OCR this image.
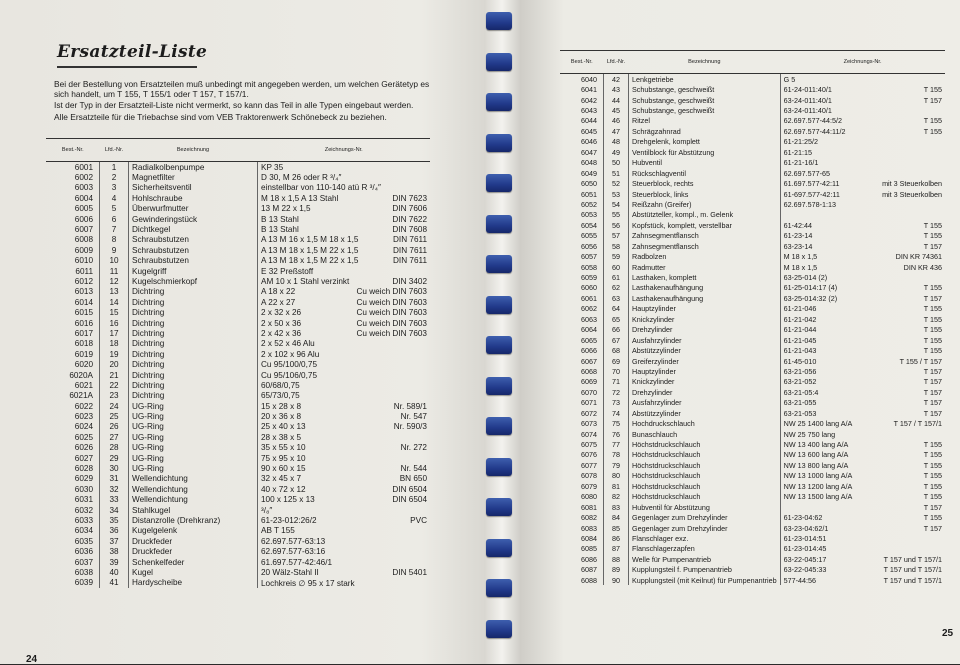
Ersatzteil-Liste

Bei der Bestellung von Ersatzteilen muß unbedingt mit angegeben werden, um welchen Gerätetyp es sich handelt, um T 155, T 155/1 oder T 157, T 157/1.

Ist der Typ in der Ersatzteil-Liste nicht vermerkt, so kann das Teil in alle Typen eingebaut werden.

Alle Ersatzteile für die Triebachse sind vom VEB Traktorenwerk Schönebeck zu beziehen.

Best.-Nr.	Lfd.-Nr.	Bezeichnung	Zeichnungs-Nr.
6001	1	Radialkolbenpumpe	KP 35

6002	2	Magnetfilter	D 30, M 26 oder R ³/₄″

6003	3	Sicherheitsventil	einstellbar von 110-140 atü R ³/₄″

6004	4	Hohlschraube	M 18 x 1,5 A 13 Stahl DIN 7623

6005	5	Überwurfmutter	13 M 22 x 1,5 DIN 7606

6006	6	Gewinderingstück	B 13 Stahl DIN 7622

6007	7	Dichtkegel	B 13 Stahl DIN 7608

6008	8	Schraubstutzen	A 13 M 16 x 1,5 M 18 x 1,5 DIN 7611

6009	9	Schraubstutzen	A 13 M 18 x 1,5 M 22 x 1,5 DIN 7611

6010	10	Schraubstutzen	A 13 M 18 x 1,5 M 22 x 1,5 DIN 7611

6011	11	Kugelgriff	E 32 Preßstoff

6012	12	Kugelschmierkopf	AM 10 x 1 Stahl verzinkt DIN 3402

6013	13	Dichtring	A 18 x 22 Cu weich DIN 7603

6014	14	Dichtring	A 22 x 27 Cu weich DIN 7603

6015	15	Dichtring	2 x 32 x 26 Cu weich DIN 7603

6016	16	Dichtring	2 x 50 x 36 Cu weich DIN 7603

6017	17	Dichtring	2 x 42 x 36 Cu weich DIN 7603

6018	18	Dichtring	2 x 52 x 46 Alu

6019	19	Dichtring	2 x 102 x 96 Alu

6020	20	Dichtring	Cu 95/100/0,75

6020A	21	Dichtring	Cu 95/106/0,75

6021	22	Dichtring	60/68/0,75

6021A	23	Dichtring	65/73/0,75

6022	24	UG-Ring	15 x 28 x 8 Nr. 589/1

6023	25	UG-Ring	20 x 36 x 8 Nr. 547

6024	26	UG-Ring	25 x 40 x 13 Nr. 590/3

6025	27	UG-Ring	28 x 38 x 5

6026	28	UG-Ring	35 x 55 x 10 Nr. 272

6027	29	UG-Ring	75 x 95 x 10

6028	30	UG-Ring	90 x 60 x 15 Nr. 544

6029	31	Wellendichtung	32 x 45 x 7 BN 650

6030	32	Wellendichtung	40 x 72 x 12 DIN 6504

6031	33	Wellendichtung	100 x 125 x 13 DIN 6504

6032	34	Stahlkugel	³/₈″

6033	35	Distanzrolle (Drehkranz)	61-23-012:26/2 PVC

6034	36	Kugelgelenk	AB T 155

6035	37	Druckfeder	62.697.577-63:13

6036	38	Druckfeder	62.697.577-63:16

6037	39	Schenkelfeder	61.697.577-42:46/1

6038	40	Kugel	20 Wälz-Stahl II DIN 5401

6039	41	Hardyscheibe	Lochkreis ∅ 95 x 17 stark
Best.-Nr.	Lfd.-Nr.	Bezeichnung	Zeichnungs-Nr.
6040	42	Lenkgetriebe	G 5

6041	43	Schubstange, geschweißt	61-24-011:40/1 T 155

6042	44	Schubstange, geschweißt	63-24-011:40/1 T 157

6043	45	Schubstange, geschweißt	63-24-011:40/1

6044	46	Ritzel	62.697.577-44:5/2 T 155

6045	47	Schrägzahnrad	62.697.577-44:11/2 T 155

6046	48	Drehgelenk, komplett	61-21:25/2

6047	49	Ventilblock für Abstützung	61-21:15

6048	50	Hubventil	61-21-16/1

6049	51	Rückschlagventil	62.697.577-65

6050	52	Steuerblock, rechts	61.697.577-42:11 mit 3 Steuerkolben

6051	53	Steuerblock, links	61-697.577-42:11 mit 3 Steuerkolben

6052	54	Reißzahn (Greifer)	62.697.578-1:13

6053	55	Abstützteller, kompl., m. Gelenk	

6054	56	Kopfstück, komplett, verstellbar	61-42:44 T 155

6055	57	Zahnsegmentflansch	61-23-14 T 155

6056	58	Zahnsegmentflansch	63-23-14 T 157

6057	59	Radbolzen	M 18 x 1,5 DIN KR 74361

6058	60	Radmutter	M 18 x 1,5 DIN KR 436

6059	61	Lasthaken, komplett	63-25-014 (2)

6060	62	Lasthakenaufhängung	61-25-014:17 (4) T 155

6061	63	Lasthakenaufhängung	63-25-014:32 (2) T 157

6062	64	Hauptzylinder	61-21-046 T 155

6063	65	Knickzylinder	61-21-042 T 155

6064	66	Drehzylinder	61-21-044 T 155

6065	67	Ausfahrzylinder	61-21-045 T 155

6066	68	Abstützzylinder	61-21-043 T 155

6067	69	Greiferzylinder	61-45-010 T 155 / T 157

6068	70	Hauptzylinder	63-21-056 T 157

6069	71	Knickzylinder	63-21-052 T 157

6070	72	Drehzylinder	63-21-05:4 T 157

6071	73	Ausfahrzylinder	63-21-055 T 157

6072	74	Abstützzylinder	63-21-053 T 157

6073	75	Hochdruckschlauch	NW 25 1400 lang A/A T 157 / T 157/1

6074	76	Bunaschlauch	NW 25 750 lang

6075	77	Höchstdruckschlauch	NW 13 400 lang A/A T 155

6076	78	Höchstdruckschlauch	NW 13 600 lang A/A T 155

6077	79	Höchstdruckschlauch	NW 13 800 lang A/A T 155

6078	80	Höchstdruckschlauch	NW 13 1000 lang A/A T 155

6079	81	Höchstdruckschlauch	NW 13 1200 lang A/A T 155

6080	82	Höchstdruckschlauch	NW 13 1500 lang A/A T 155

6081	83	Hubventil für Abstützung	T 157

6082	84	Gegenlager zum Drehzylinder	61-23-04:62 T 155

6083	85	Gegenlager zum Drehzylinder	63-23-04:62/1 T 157

6084	86	Flanschlager exz.	61-23-014:51

6085	87	Flanschlagerzapfen	61-23-014:45

6086	88	Welle für Pumpenantrieb	63-22-045:17 T 157 und T 157/1

6087	89	Kupplungsteil f. Pumpenantrieb	63-22-045:33 T 157 und T 157/1

6088	90	Kupplungsteil (mit Keilnut) für Pumpenantrieb	577-44:56 T 157 und T 157/1
24
25
